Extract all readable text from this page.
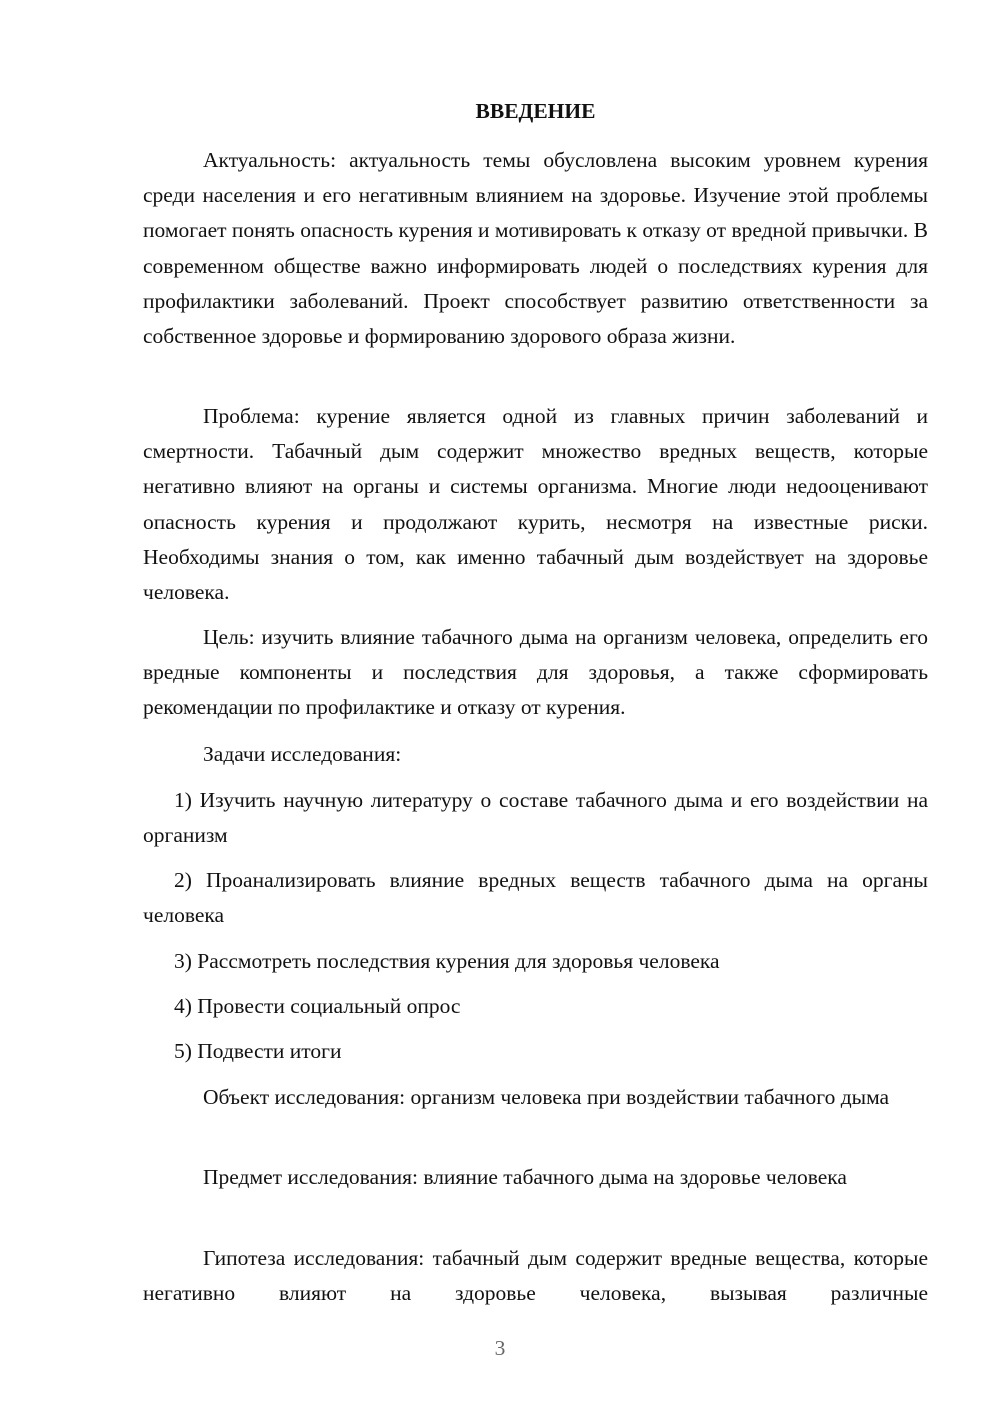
ВВЕДЕНИЕ

Актуальность: актуальность темы обусловлена высоким уровнем курения среди населения и его негативным влиянием на здоровье. Изучение этой проблемы помогает понять опасность курения и мотивировать к отказу от вредной привычки. В современном обществе важно информировать людей о последствиях курения для профилактики заболеваний. Проект способствует развитию ответственности за собственное здоровье и формированию здорового образа жизни.

Проблема: курение является одной из главных причин заболеваний и смертности. Табачный дым содержит множество вредных веществ, которые негативно влияют на органы и системы организма. Многие люди недооценивают опасность курения и продолжают курить, несмотря на известные риски. Необходимы знания о том, как именно табачный дым воздействует на здоровье человека.

Цель: изучить влияние табачного дыма на организм человека, определить его вредные компоненты и последствия для здоровья, а также сформировать рекомендации по профилактике и отказу от курения.

Задачи исследования:

1) Изучить научную литературу о составе табачного дыма и его воздействии на организм

2) Проанализировать влияние вредных веществ табачного дыма на органы человека

3) Рассмотреть последствия курения для здоровья человека

4) Провести социальный опрос

5) Подвести итоги

Объект исследования: организм человека при воздействии табачного дыма

Предмет исследования: влияние табачного дыма на здоровье человека

Гипотеза исследования: табачный дым содержит вредные вещества, которые негативно влияют на здоровье человека, вызывая различные

3
